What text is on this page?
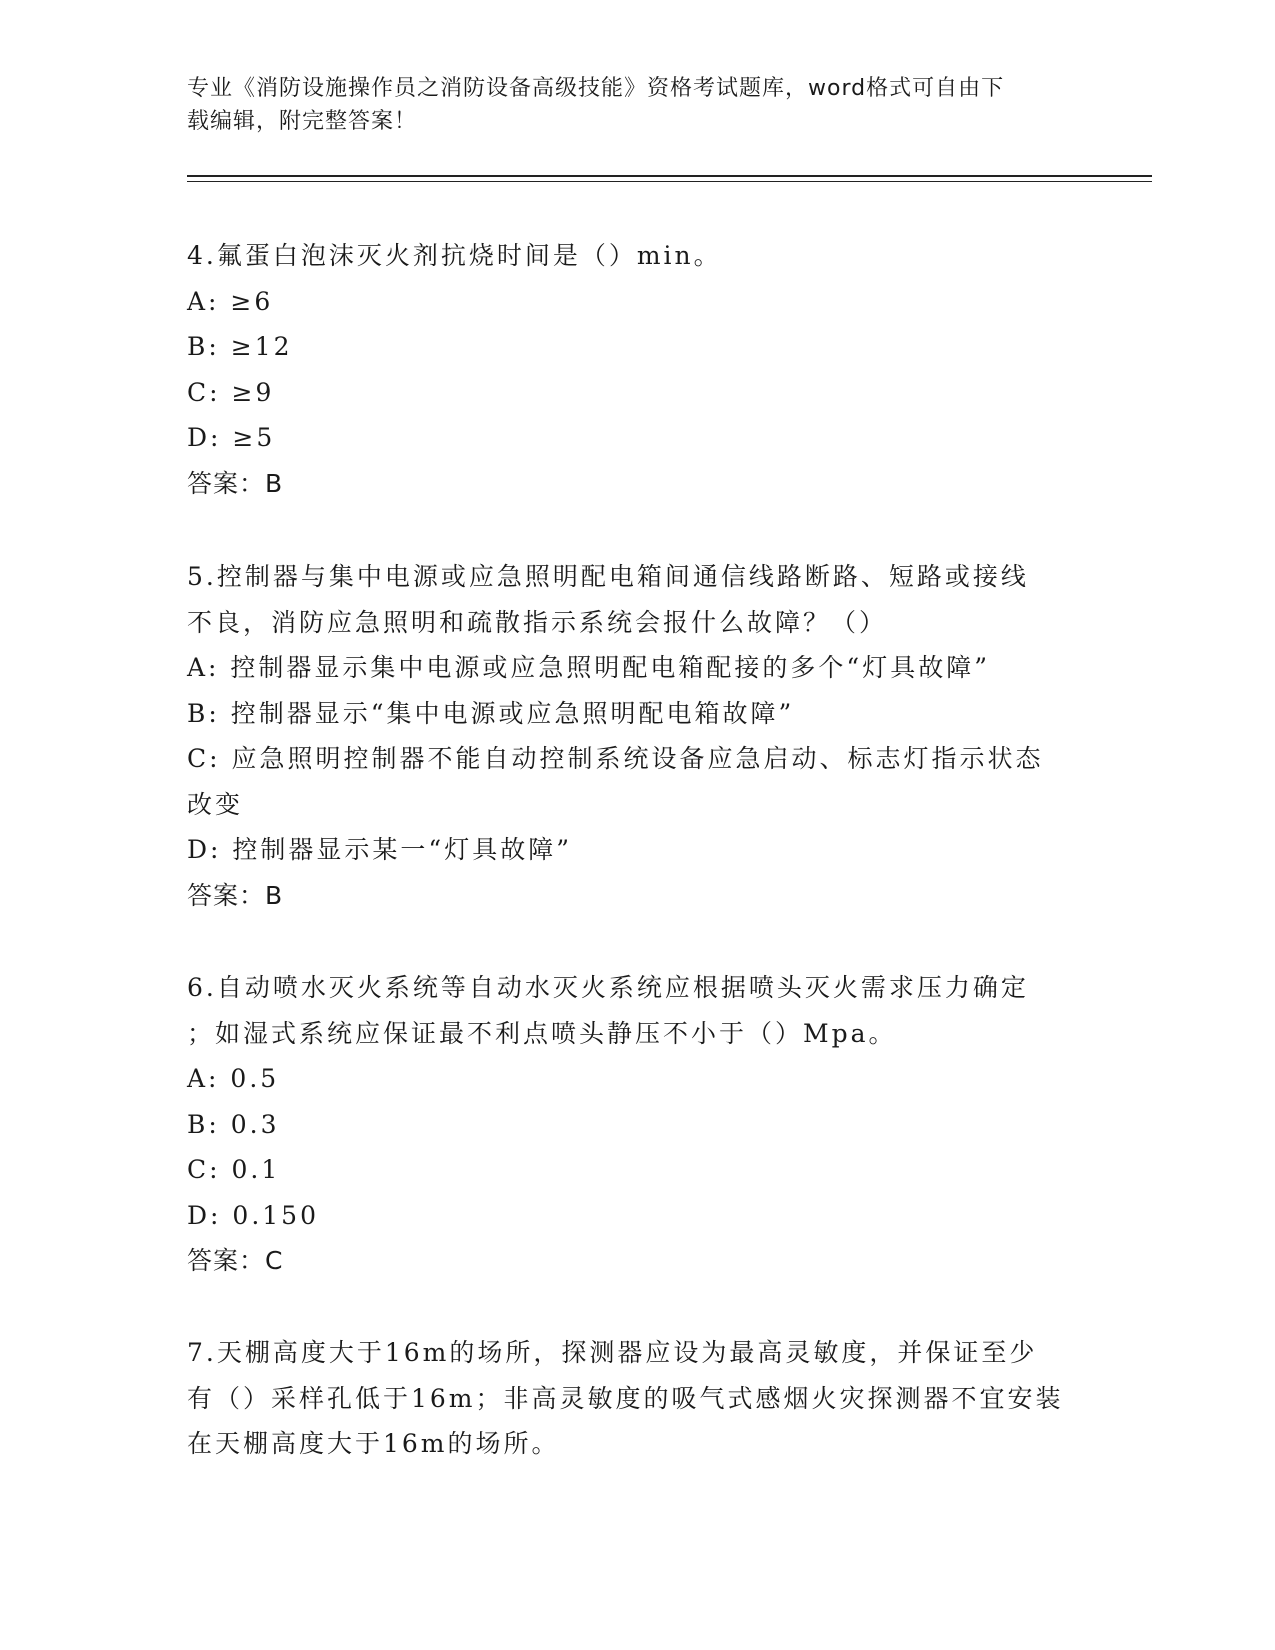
专业《消防设施操作员之消防设备高级技能》资格考试题库，word格式可自由下
载编辑，附完整答案！
4.氟蛋白泡沫灭火剂抗烧时间是（）min。
A: ≥6
B: ≥12
C: ≥9
D: ≥5
答案：B
5.控制器与集中电源或应急照明配电箱间通信线路断路、短路或接线
不良，消防应急照明和疏散指示系统会报什么故障？（）
A: 控制器显示集中电源或应急照明配电箱配接的多个“灯具故障”
B: 控制器显示“集中电源或应急照明配电箱故障”
C: 应急照明控制器不能自动控制系统设备应急启动、标志灯指示状态
改变
D: 控制器显示某一“灯具故障”
答案：B
6.自动喷水灭火系统等自动水灭火系统应根据喷头灭火需求压力确定
；如湿式系统应保证最不利点喷头静压不小于（）Mpa。
A: 0.5
B: 0.3
C: 0.1
D: 0.150
答案：C
7.天棚高度大于16m的场所，探测器应设为最高灵敏度，并保证至少
有（）采样孔低于16m；非高灵敏度的吸气式感烟火灾探测器不宜安装
在天棚高度大于16m的场所。
